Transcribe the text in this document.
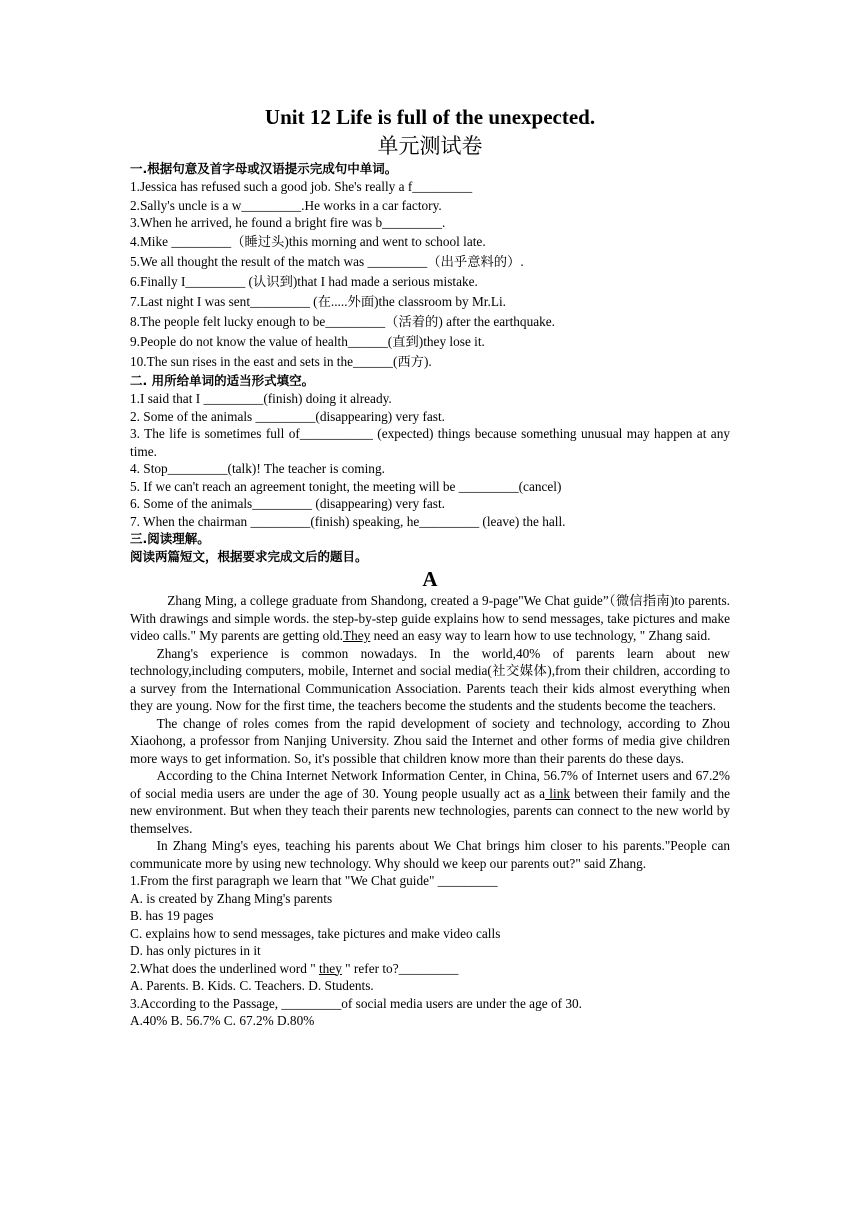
Unit 12 Life is full of the unexpected.
单元测试卷
一.根据句意及首字母或汉语提示完成句中单词。
1.Jessica has refused such a good job. She's really a f_________
2.Sally's uncle is a w_________.He works in a car factory.
3.When he arrived, he found a bright fire was b_________.
4.Mike _________（睡过头)this morning and went to school late.
5.We all thought the result of the match was _________（出乎意料的）.
6.Finally I_________ (认识到)that I had made a serious mistake.
7.Last night I was sent_________ (在.....外面)the classroom by Mr.Li.
8.The people felt lucky enough to be_________（活着的) after the earthquake.
9.People do not know the value of health______(直到)they lose it.
10.The sun rises in the east and sets in the______(西方).
二. 用所给单词的适当形式填空。
1.I said that I _________(finish) doing it already.
2. Some of the animals _________(disappearing) very fast.
3. The life is sometimes full of___________ (expected) things because something unusual may happen at any time.
4. Stop_________(talk)! The teacher is coming.
5. If we can't reach an agreement tonight, the meeting will be _________(cancel)
6. Some of the animals_________ (disappearing) very fast.
7. When the chairman _________(finish) speaking, he_________ (leave) the hall.
三.阅读理解。
阅读两篇短文，根据要求完成文后的题目。
A

Zhang Ming, a college graduate from Shandong, created a 9-page"We Chat guide”（微信指南)to parents. With drawings and simple words. the step-by-step guide explains how to send messages, take pictures and make video calls." My parents are getting old.They need an easy way to learn how to use technology, " Zhang said.

Zhang's experience is common nowadays. In the world,40% of parents learn about new technology,including computers, mobile, Internet and social media(社交媒体),from their children, according to a survey from the International Communication Association. Parents teach their kids almost everything when they are young. Now for the first time, the teachers become the students and the students become the teachers.

The change of roles comes from the rapid development of society and technology, according to Zhou Xiaohong, a professor from Nanjing University. Zhou said the Internet and other forms of media give children more ways to get information. So, it's possible that children know more than their parents do these days.

According to the China Internet Network Information Center, in China, 56.7% of Internet users and 67.2% of social media users are under the age of 30. Young people usually act as a link between their family and the new environment. But when they teach their parents new technologies, parents can connect to the new world by themselves.

In Zhang Ming's eyes, teaching his parents about We Chat brings him closer to his parents."People can communicate more by using new technology. Why should we keep our parents out?" said Zhang.

1.From the first paragraph we learn that "We Chat guide" _________
A. is created by Zhang Ming's parents
B. has 19 pages
C. explains how to send messages, take pictures and make video calls
D. has only pictures in it
2.What does the underlined word " they " refer to?_________
A. Parents. B. Kids. C. Teachers. D. Students.
3.According to the Passage, _________of social media users are under the age of 30.
A.40% B. 56.7% C. 67.2% D.80%
